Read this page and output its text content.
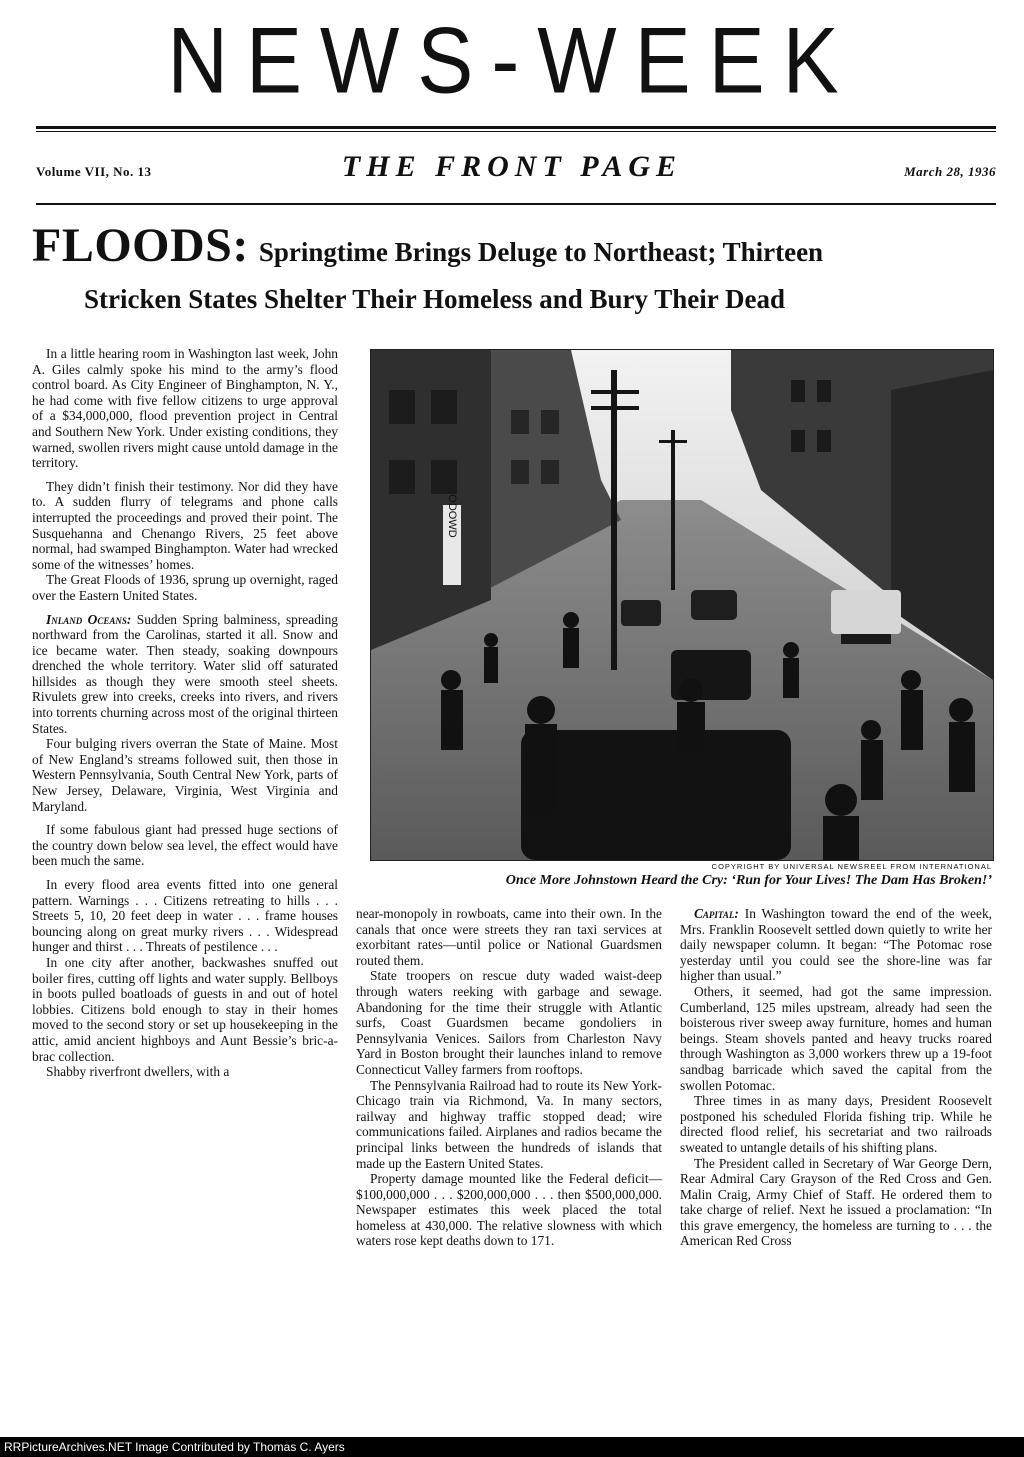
NEWS-WEEK
Volume VII, No. 13	THE FRONT PAGE	March 28, 1936
FLOODS: Springtime Brings Deluge to Northeast; Thirteen
Stricken States Shelter Their Homeless and Bury Their Dead

In a little hearing room in Washington last week, John A. Giles calmly spoke his mind to the army’s flood control board. As City Engineer of Binghampton, N. Y., he had come with five fellow citizens to urge approval of a $34,000,000, flood prevention project in Central and Southern New York. Under existing conditions, they warned, swollen rivers might cause untold damage in the territory.

They didn’t finish their testimony. Nor did they have to. A sudden flurry of telegrams and phone calls interrupted the proceedings and proved their point. The Susquehanna and Chenango Rivers, 25 feet above normal, had swamped Binghampton. Water had wrecked some of the witnesses’ homes.

The Great Floods of 1936, sprung up overnight, raged over the Eastern United States.

Inland Oceans: Sudden Spring balminess, spreading northward from the Carolinas, started it all. Snow and ice became water. Then steady, soaking downpours drenched the whole territory. Water slid off saturated hillsides as though they were smooth steel sheets. Rivulets grew into creeks, creeks into rivers, and rivers into torrents churning across most of the original thirteen States.

Four bulging rivers overran the State of Maine. Most of New England’s streams followed suit, then those in Western Pennsylvania, South Central New York, parts of New Jersey, Delaware, Virginia, West Virginia and Maryland.

If some fabulous giant had pressed huge sections of the country down below sea level, the effect would have been much the same.

In every flood area events fitted into one general pattern. Warnings . . . Citizens retreating to hills . . . Streets 5, 10, 20 feet deep in water . . . frame houses bouncing along on great murky rivers . . . Widespread hunger and thirst . . . Threats of pestilence . . .

In one city after another, backwashes snuffed out boiler fires, cutting off lights and water supply. Bellboys in boots pulled boatloads of guests in and out of hotel lobbies. Citizens bold enough to stay in their homes moved to the second story or set up housekeeping in the attic, amid ancient highboys and Aunt Bessie’s bric-a-brac collection.

Shabby riverfront dwellers, with a

ODOWD
COPYRIGHT BY UNIVERSAL NEWSREEL FROM INTERNATIONAL
Once More Johnstown Heard the Cry: ‘Run for Your Lives! The Dam Has Broken!’

near-monopoly in rowboats, came into their own. In the canals that once were streets they ran taxi services at exorbitant rates—until police or National Guardsmen routed them.

State troopers on rescue duty waded waist-deep through waters reeking with garbage and sewage. Abandoning for the time their struggle with Atlantic surfs, Coast Guardsmen became gondoliers in Pennsylvania Venices. Sailors from Charleston Navy Yard in Boston brought their launches inland to remove Connecticut Valley farmers from rooftops.

The Pennsylvania Railroad had to route its New York-Chicago train via Richmond, Va. In many sectors, railway and highway traffic stopped dead; wire communications failed. Airplanes and radios became the principal links between the hundreds of islands that made up the Eastern United States.

Property damage mounted like the Federal deficit—$100,000,000 . . . $200,000,000 . . . then $500,000,000. Newspaper estimates this week placed the total homeless at 430,000. The relative slowness with which waters rose kept deaths down to 171.

Capital: In Washington toward the end of the week, Mrs. Franklin Roosevelt settled down quietly to write her daily newspaper column. It began: “The Potomac rose yesterday until you could see the shore-line was far higher than usual.”

Others, it seemed, had got the same impression. Cumberland, 125 miles upstream, already had seen the boisterous river sweep away furniture, homes and human beings. Steam shovels panted and heavy trucks roared through Washington as 3,000 workers threw up a 19-foot sandbag barricade which saved the capital from the swollen Potomac.

Three times in as many days, President Roosevelt postponed his scheduled Florida fishing trip. While he directed flood relief, his secretariat and two railroads sweated to untangle details of his shifting plans.

The President called in Secretary of War George Dern, Rear Admiral Cary Grayson of the Red Cross and Gen. Malin Craig, Army Chief of Staff. He ordered them to take charge of relief. Next he issued a proclamation: “In this grave emergency, the homeless are turning to . . . the American Red Cross

RRPictureArchives.NET Image Contributed by Thomas C. Ayers
